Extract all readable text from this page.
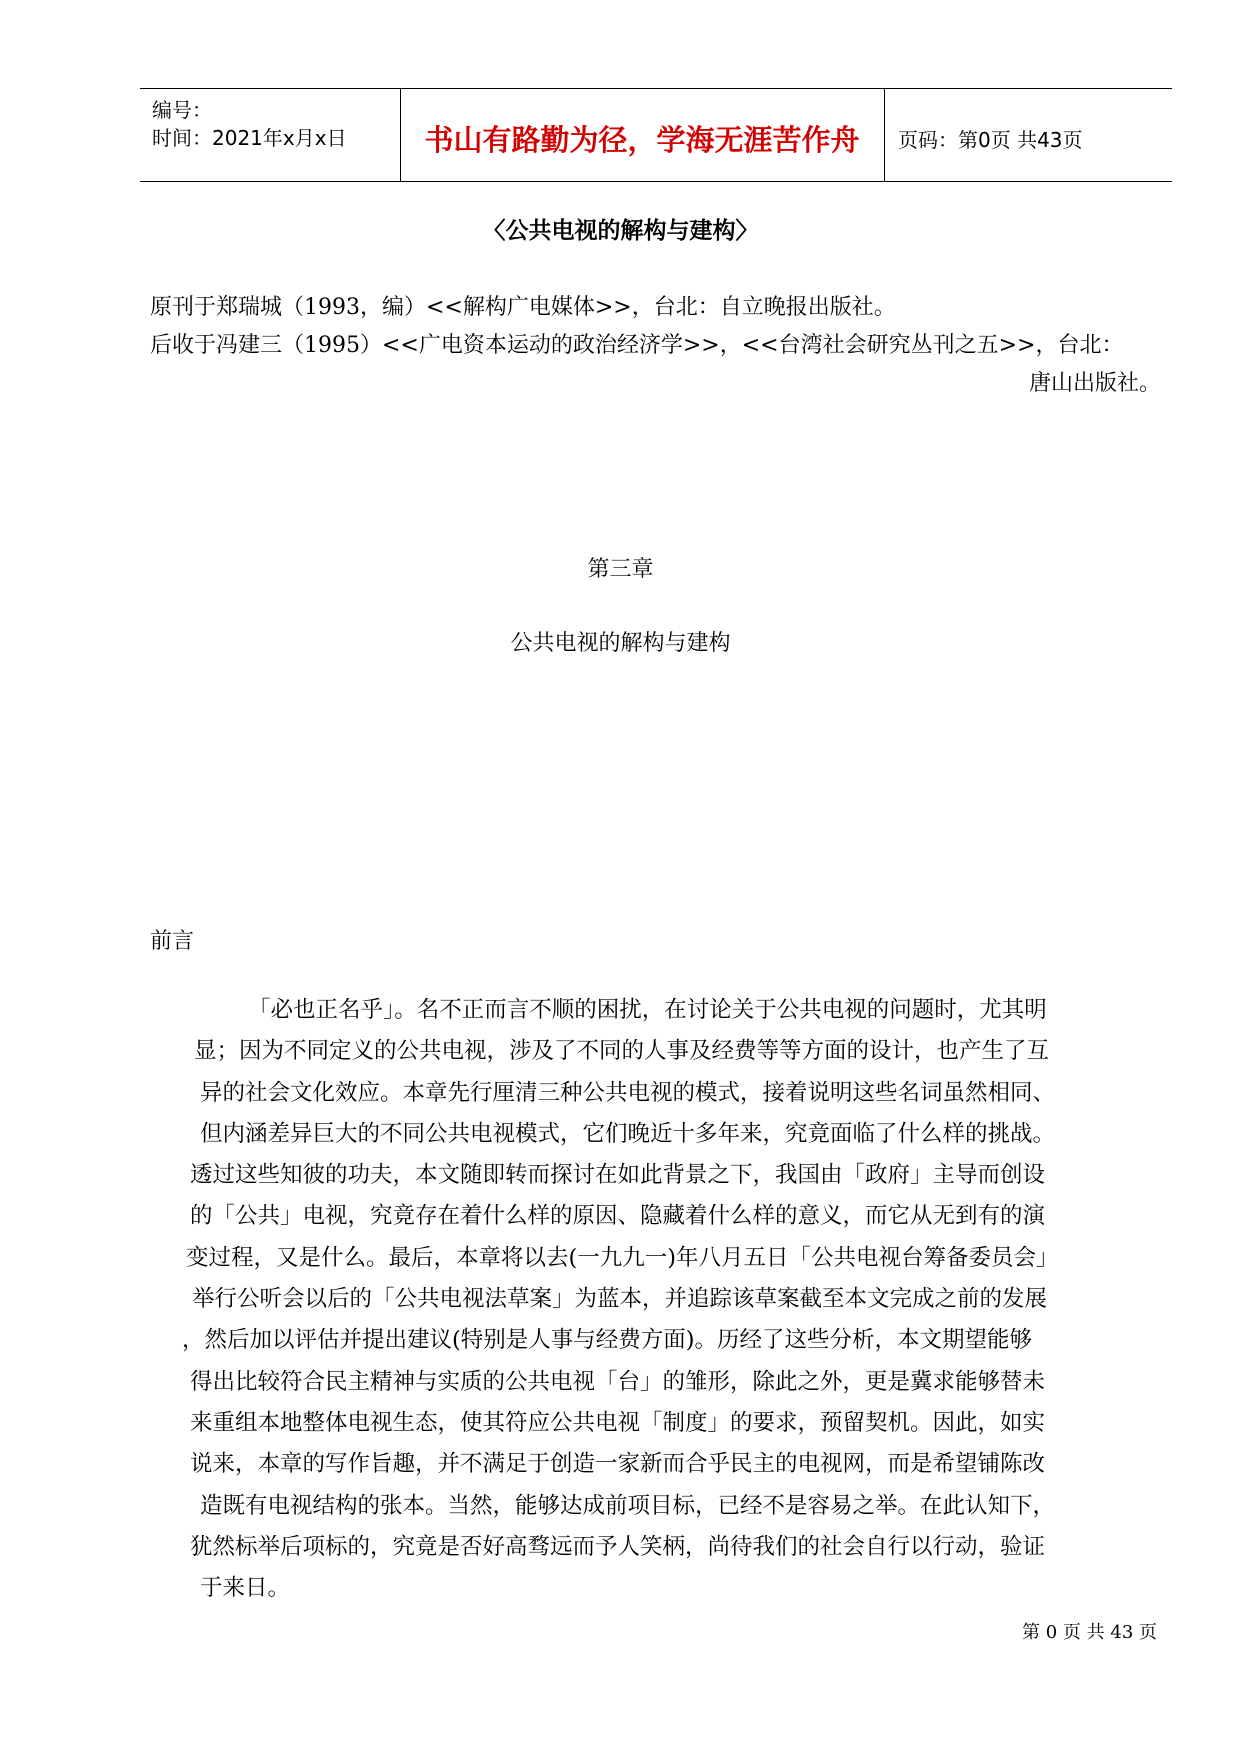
编号：
时间：2021年x月x日	书山有路勤为径，学海无涯苦作舟	页码：第0页 共43页
〈公共电视的解构与建构〉
原刊于郑瑞城（1993，编）<<解构广电媒体>>，台北：自立晚报出版社。
后收于冯建三（1995）<<广电资本运动的政治经济学>>，<<台湾社会研究丛刊之五>>，台北：
唐山出版社。
第三章
公共电视的解构与建构
前言
「必也正名乎」。名不正而言不顺的困扰，在讨论关于公共电视的问题时，尤其明
显；因为不同定义的公共电视，涉及了不同的人事及经费等等方面的设计，也产生了互
异的社会文化效应。本章先行厘清三种公共电视的模式，接着说明这些名词虽然相同、
但内涵差异巨大的不同公共电视模式，它们晚近十多年来，究竟面临了什么样的挑战。
透过这些知彼的功夫，本文随即转而探讨在如此背景之下，我国由「政府」主导而创设
的「公共」电视，究竟存在着什么样的原因、隐藏着什么样的意义，而它从无到有的演
变过程，又是什么。最后，本章将以去(一九九一)年八月五日「公共电视台筹备委员会」
举行公听会以后的「公共电视法草案」为蓝本，并追踪该草案截至本文完成之前的发展
，然后加以评估并提出建议(特别是人事与经费方面)。历经了这些分析，本文期望能够
得出比较符合民主精神与实质的公共电视「台」的雏形，除此之外，更是冀求能够替未
来重组本地整体电视生态，使其符应公共电视「制度」的要求，预留契机。因此，如实
说来，本章的写作旨趣，并不满足于创造一家新而合乎民主的电视网，而是希望铺陈改
造既有电视结构的张本。当然，能够达成前项目标，已经不是容易之举。在此认知下，
犹然标举后项标的，究竟是否好高骛远而予人笑柄，尚待我们的社会自行以行动，验证
于来日。
第 0 页 共 43 页
